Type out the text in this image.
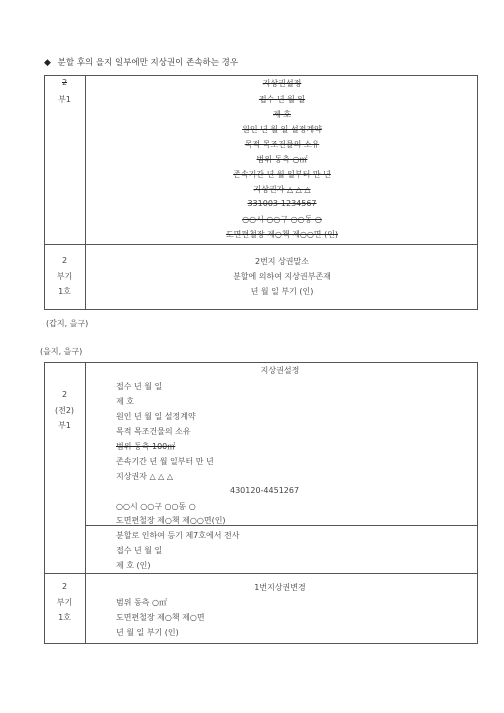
◆ 분할 후의 을지 일부에만 지상권이 존속하는 경우
2
부1
지상권설정
접수 년 월 일
제 호
원인 년 월 일 설정계약
목적 목조건물의 소유
범위 동측 ○㎡
존속기간 년 월 일부터 만 년
지상권자 △ △ △
331003-1234567
○○시 ○○구 ○○동 ○
도면편철장 제○책 제○○면 (인)
2
부기
1호
2번지 상권말소
분할에 의하여 지상권부존재
년 월 일 부기 (인)
(갑지, 을구)
(을지, 을구)
2
(전2)
부1
지상권설정
접수 년 월 일
제 호
원인 년 월 일 설정계약
목적 목조건물의 소유
범위 동측 100㎡
존속기간 년 월 일부터 만 년
지상권자 △ △ △
430120-4451267
○○시 ○○구 ○○동 ○
도면편철장 제○책 제○○면(인)
분할로 인하여 등기 제7호에서 전사
접수 년 월 일
제 호 (인)
2
부기
1호
1번지상권변경
범위 동측 ○㎡
도면편철장 제○책 제○면
년 월 일 부기 (인)
